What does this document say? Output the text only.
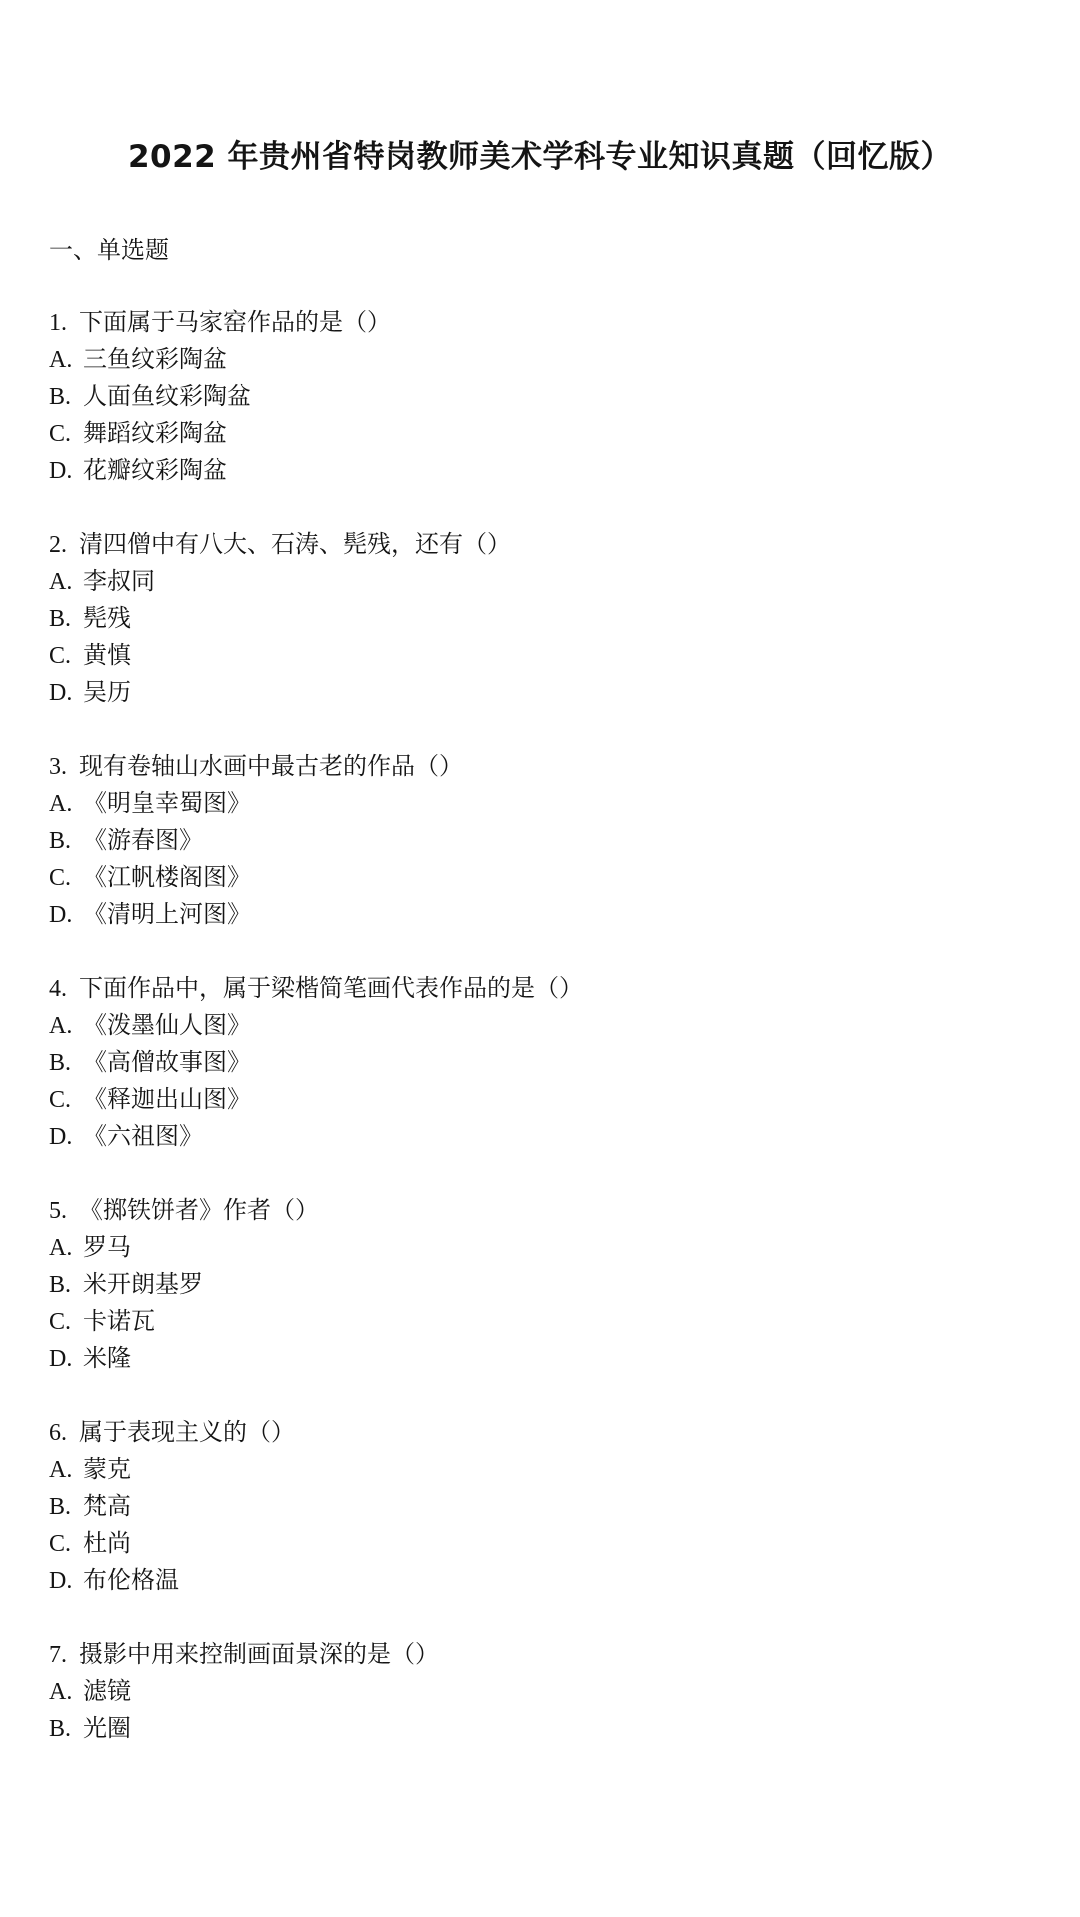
2022 年贵州省特岗教师美术学科专业知识真题（回忆版）
一、单选题
1. 下面属于马家窑作品的是（）
A. 三鱼纹彩陶盆
B. 人面鱼纹彩陶盆
C. 舞蹈纹彩陶盆
D. 花瓣纹彩陶盆
2. 清四僧中有八大、石涛、髡残，还有（）
A. 李叔同
B. 髡残
C. 黄慎
D. 吴历
3. 现有卷轴山水画中最古老的作品（）
A. 《明皇幸蜀图》
B. 《游春图》
C. 《江帆楼阁图》
D. 《清明上河图》
4. 下面作品中，属于梁楷简笔画代表作品的是（）
A. 《泼墨仙人图》
B. 《高僧故事图》
C. 《释迦出山图》
D. 《六祖图》
5. 《掷铁饼者》作者（）
A. 罗马
B. 米开朗基罗
C. 卡诺瓦
D. 米隆
6. 属于表现主义的（）
A. 蒙克
B. 梵高
C. 杜尚
D. 布伦格温
7. 摄影中用来控制画面景深的是（）
A. 滤镜
B. 光圈
